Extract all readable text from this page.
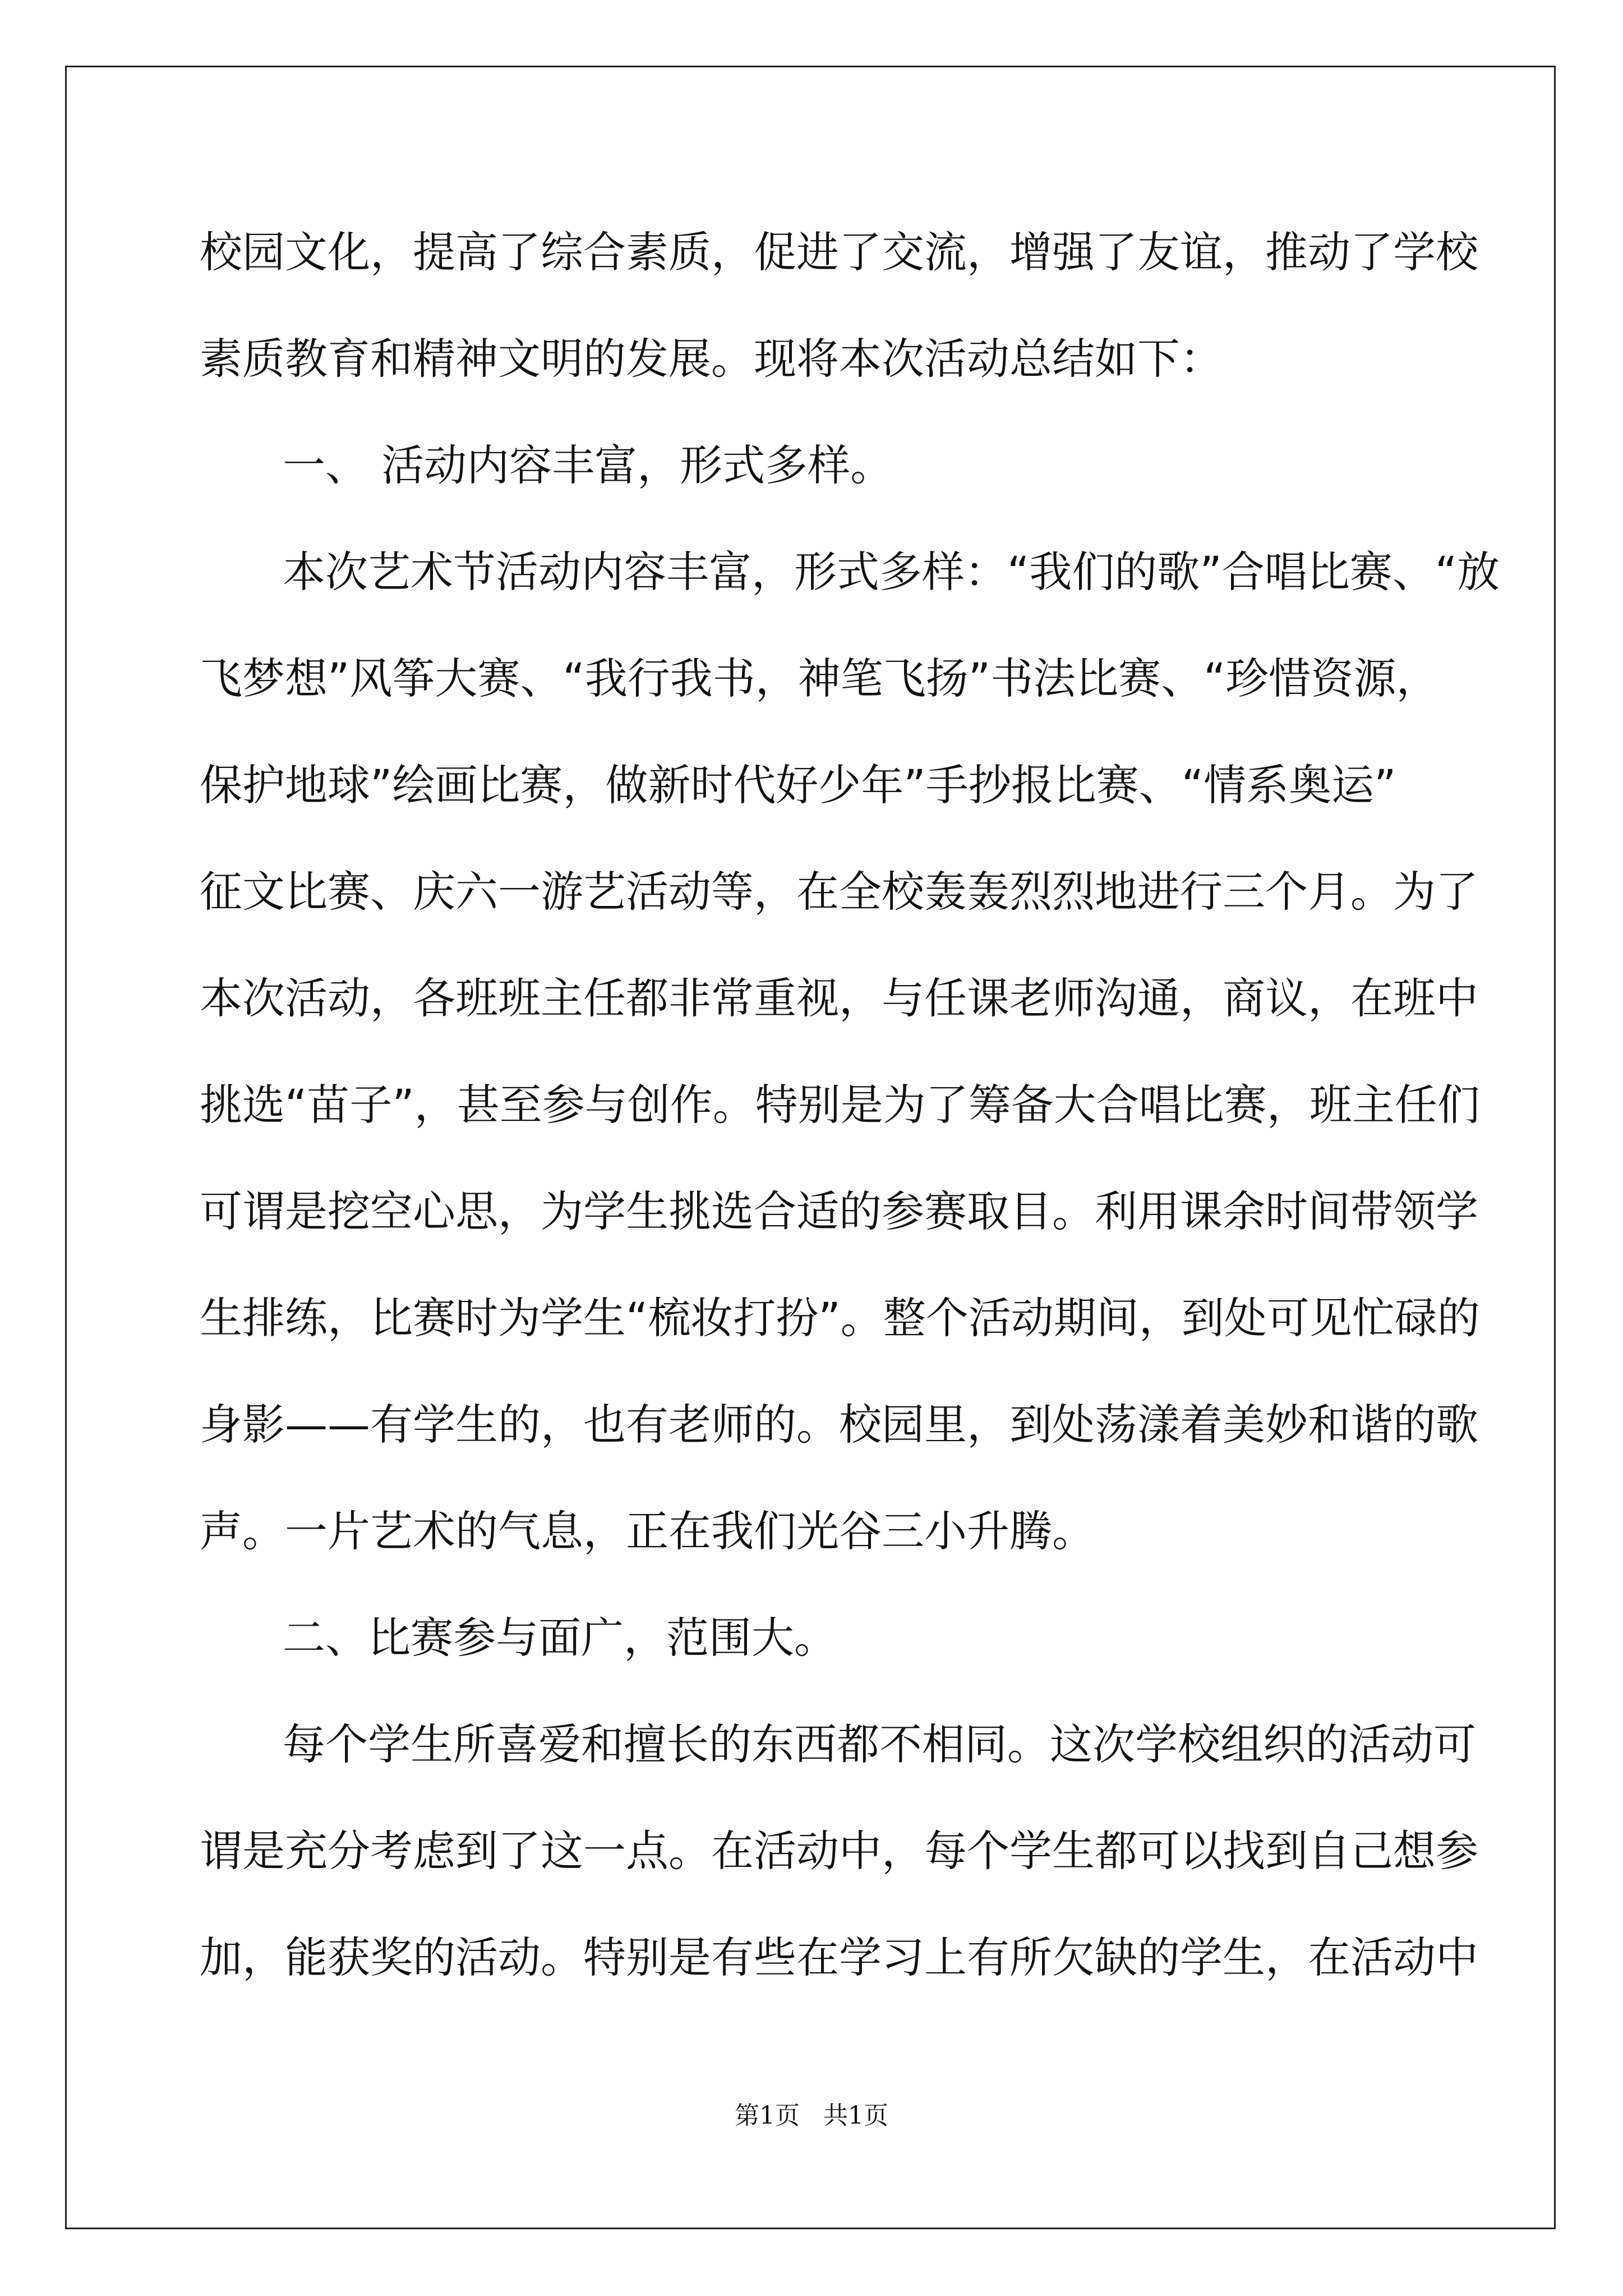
校园文化，提高了综合素质，促进了交流，增强了友谊，推动了学校

素质教育和精神文明的发展。现将本次活动总结如下：

一、 活动内容丰富，形式多样。

本次艺术节活动内容丰富，形式多样：“我们的歌”合唱比赛、“放

飞梦想”风筝大赛、“我行我书，神笔飞扬”书法比赛、“珍惜资源，

保护地球”绘画比赛，做新时代好少年”手抄报比赛、“情系奥运”

征文比赛、庆六一游艺活动等，在全校轰轰烈烈地进行三个月。为了

本次活动，各班班主任都非常重视，与任课老师沟通，商议，在班中

挑选“苗子”，甚至参与创作。特别是为了筹备大合唱比赛，班主任们

可谓是挖空心思，为学生挑选合适的参赛取目。利用课余时间带领学

生排练，比赛时为学生“梳妆打扮”。整个活动期间，到处可见忙碌的

身影——有学生的，也有老师的。校园里，到处荡漾着美妙和谐的歌

声。一片艺术的气息，正在我们光谷三小升腾。

二、比赛参与面广，范围大。

每个学生所喜爱和擅长的东西都不相同。这次学校组织的活动可

谓是充分考虑到了这一点。在活动中，每个学生都可以找到自己想参

加，能获奖的活动。特别是有些在学习上有所欠缺的学生，在活动中

第1页   共1页
